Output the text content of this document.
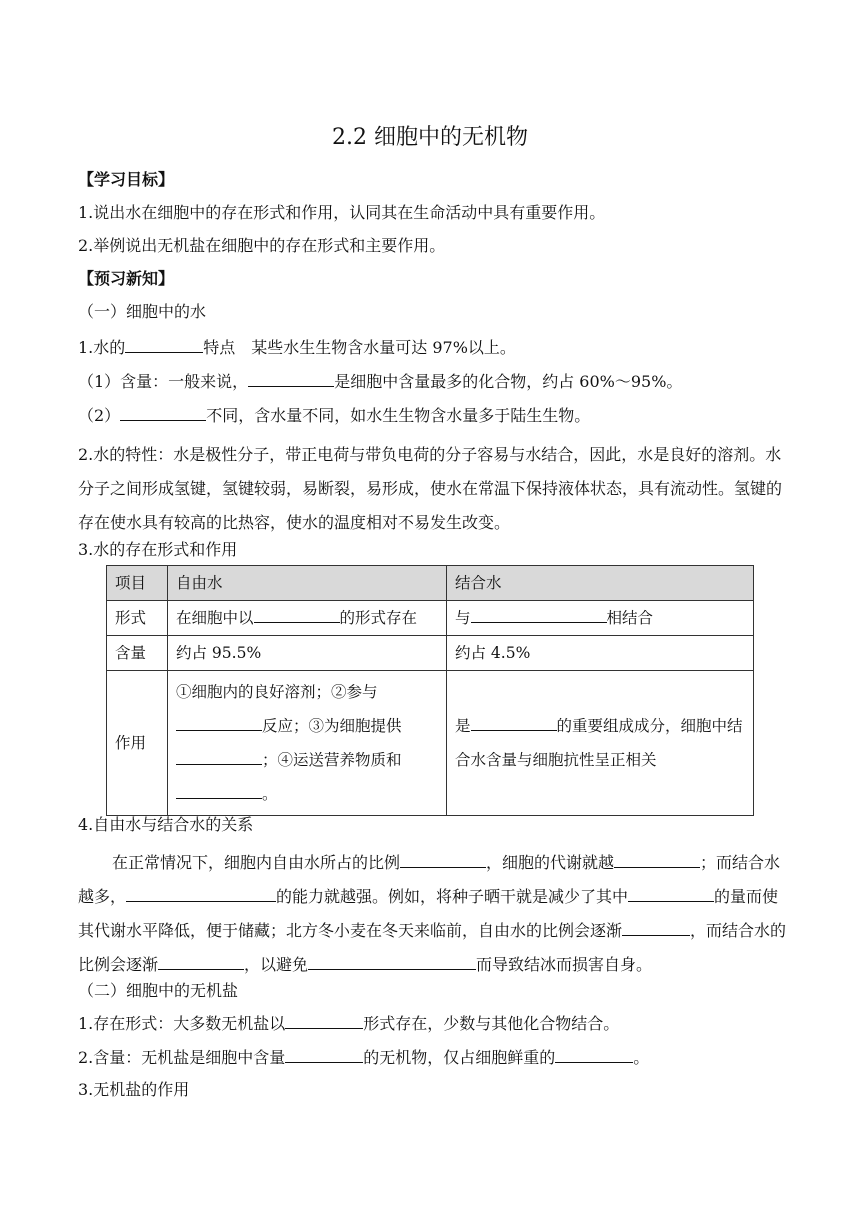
2.2 细胞中的无机物
【学习目标】
1.说出水在细胞中的存在形式和作用，认同其在生命活动中具有重要作用。
2.举例说出无机盐在细胞中的存在形式和主要作用。
【预习新知】
（一）细胞中的水
1.水的	特点　某些水生生物含水量可达 97%以上。
（1）含量：一般来说，	是细胞中含量最多的化合物，约占 60%～95%。
（2）	不同，含水量不同，如水生生物含水量多于陆生生物。
2.水的特性：水是极性分子，带正电荷与带负电荷的分子容易与水结合，因此，水是良好的溶剂。水分子之间形成氢键，氢键较弱，易断裂，易形成，使水在常温下保持液体状态，具有流动性。氢键的存在使水具有较高的比热容，使水的温度相对不易发生改变。
3.水的存在形式和作用
项目	自由水	结合水
形式	在细胞中以 的形式存在	与 相结合
含量	约占 95.5%	约占 4.5%
作用	①细胞内的良好溶剂；②参与
反应；③为细胞提供
；④运送营养物质和
。	是 的重要组成成分，细胞中结合水含量与细胞抗性呈正相关
4.自由水与结合水的关系
在正常情况下，细胞内自由水所占的比例	，细胞的代谢就越	；而结合水越多，	的能力就越强。例如，将种子晒干就是减少了其中	的量而使其代谢水平降低，便于储藏；北方冬小麦在冬天来临前，自由水的比例会逐渐	，而结合水的比例会逐渐	，以避免	而导致结冰而损害自身。
（二）细胞中的无机盐
1.存在形式：大多数无机盐以	形式存在，少数与其他化合物结合。
2.含量：无机盐是细胞中含量	的无机物，仅占细胞鲜重的	。
3.无机盐的作用
